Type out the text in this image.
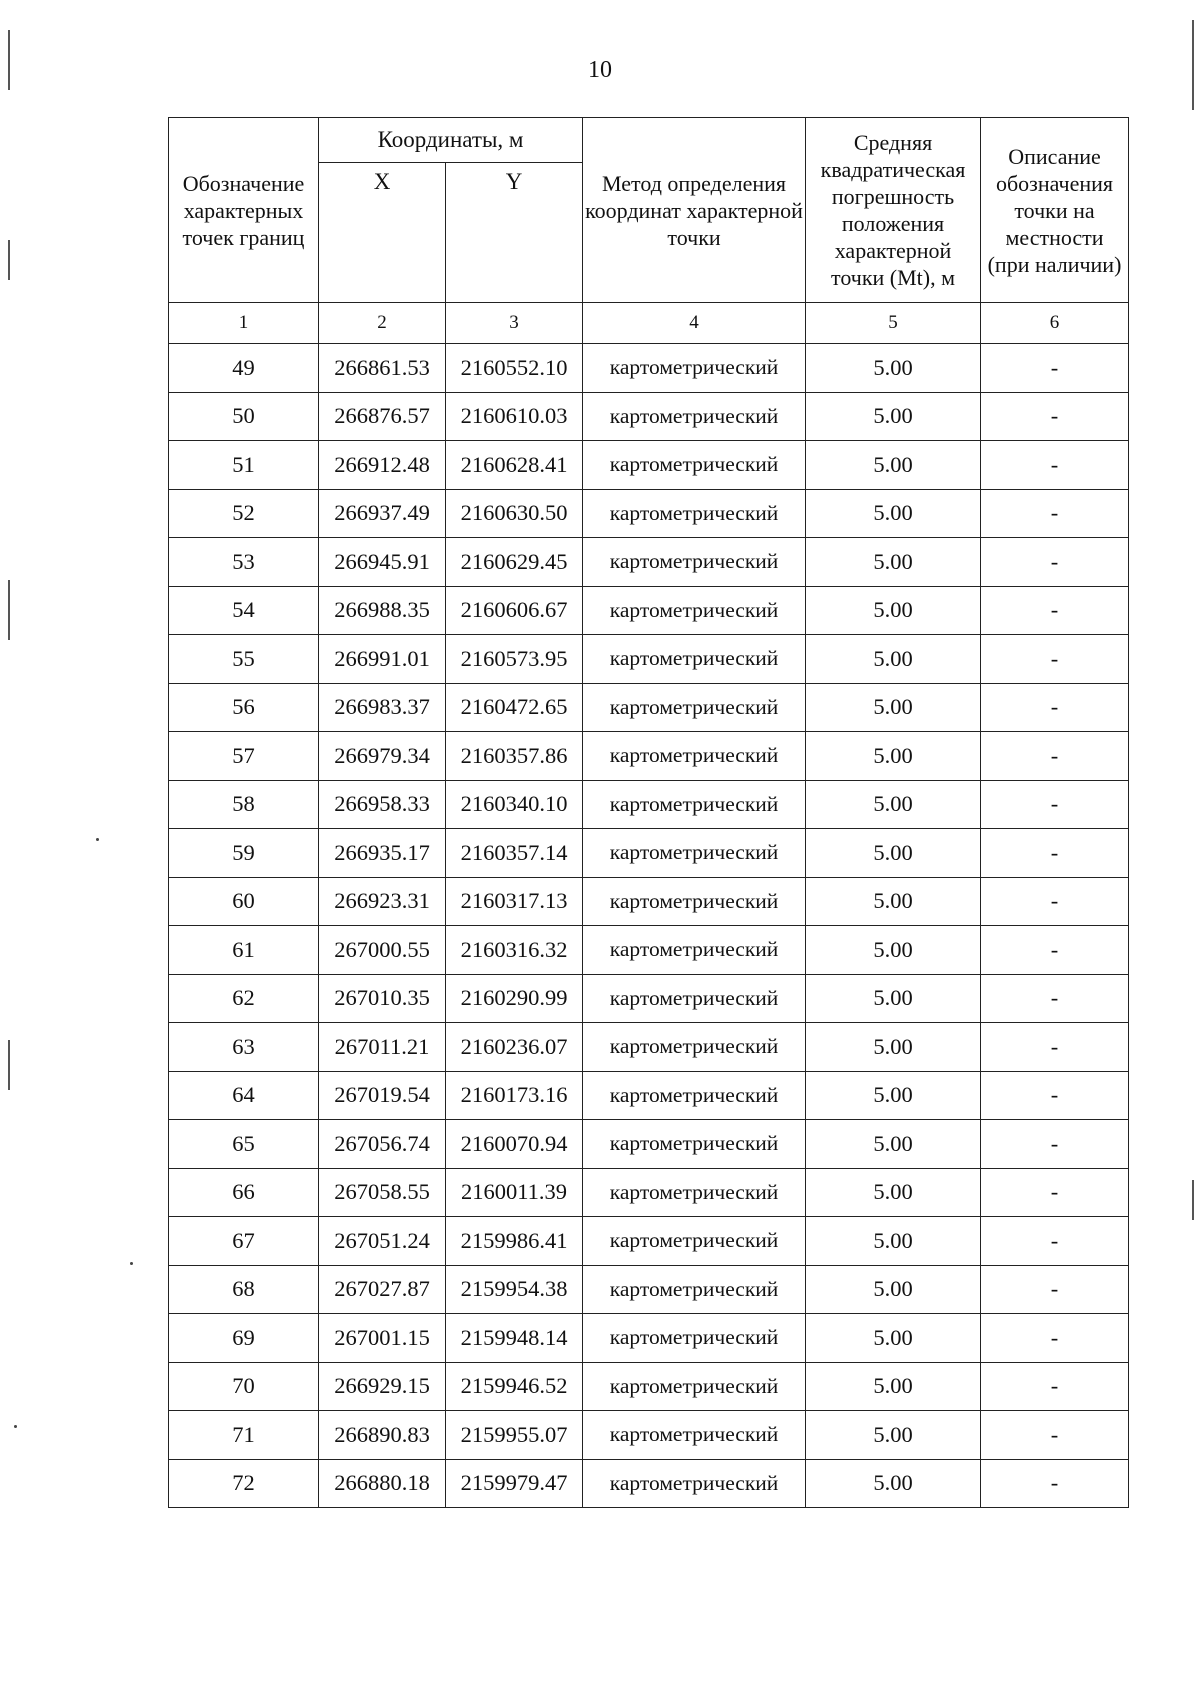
10
Обозначение характерных точек границ	Координаты, м		Метод определения координат характерной точки	Средняя квадратическая погрешность положения характерной точки (Mt), м	Описание обозначения точки на местности (при наличии)
	X	Y			
1	2	3	4	5	6
49	266861.53	2160552.10	картометрический	5.00	-
50	266876.57	2160610.03	картометрический	5.00	-
51	266912.48	2160628.41	картометрический	5.00	-
52	266937.49	2160630.50	картометрический	5.00	-
53	266945.91	2160629.45	картометрический	5.00	-
54	266988.35	2160606.67	картометрический	5.00	-
55	266991.01	2160573.95	картометрический	5.00	-
56	266983.37	2160472.65	картометрический	5.00	-
57	266979.34	2160357.86	картометрический	5.00	-
58	266958.33	2160340.10	картометрический	5.00	-
59	266935.17	2160357.14	картометрический	5.00	-
60	266923.31	2160317.13	картометрический	5.00	-
61	267000.55	2160316.32	картометрический	5.00	-
62	267010.35	2160290.99	картометрический	5.00	-
63	267011.21	2160236.07	картометрический	5.00	-
64	267019.54	2160173.16	картометрический	5.00	-
65	267056.74	2160070.94	картометрический	5.00	-
66	267058.55	2160011.39	картометрический	5.00	-
67	267051.24	2159986.41	картометрический	5.00	-
68	267027.87	2159954.38	картометрический	5.00	-
69	267001.15	2159948.14	картометрический	5.00	-
70	266929.15	2159946.52	картометрический	5.00	-
71	266890.83	2159955.07	картометрический	5.00	-
72	266880.18	2159979.47	картометрический	5.00	-
